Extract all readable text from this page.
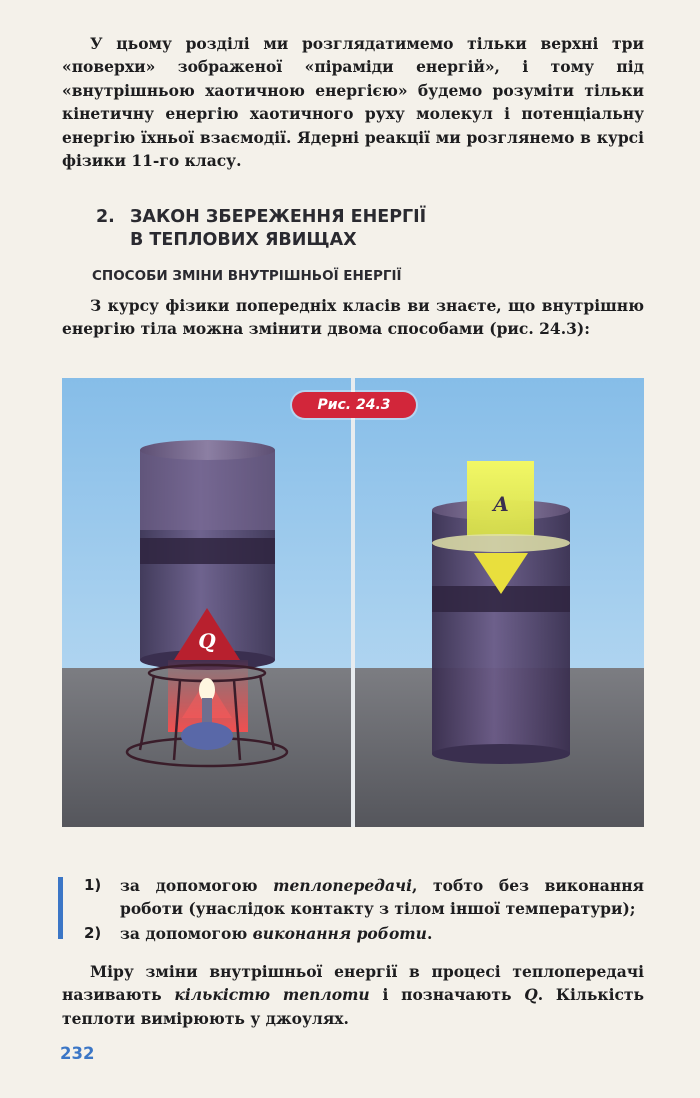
У цьому розділі ми розглядатимемо тільки верхні три «поверхи» зображеної «піраміди енергій», і тому під «внутрішньою хаотичною енергією» будемо розуміти тільки кінетичну енергію хаотичного руху молекул і потенціальну енергію їхньої взаємодії. Ядерні реакції ми розглянемо в курсі фізики 11-го класу.

2. ЗАКОН ЗБЕРЕЖЕННЯ ЕНЕРГІЇ
В ТЕПЛОВИХ ЯВИЩАХ
СПОСОБИ ЗМІНИ ВНУТРІШНЬОЇ ЕНЕРГІЇ

З курсу фізики попередніх класів ви знаєте, що внутрішню енергію тіла можна змінити двома способами (рис. 24.3):

Q
A
Рис. 24.3
1) за допомогою теплопередачі, тобто без виконання роботи (унаслідок контакту з тілом іншої температури);
2) за допомогою виконання роботи.

Міру зміни внутрішньої енергії в процесі теплопередачі називають кількістю теплоти і позначають Q. Кількість теплоти вимірюють у джоулях.

232
